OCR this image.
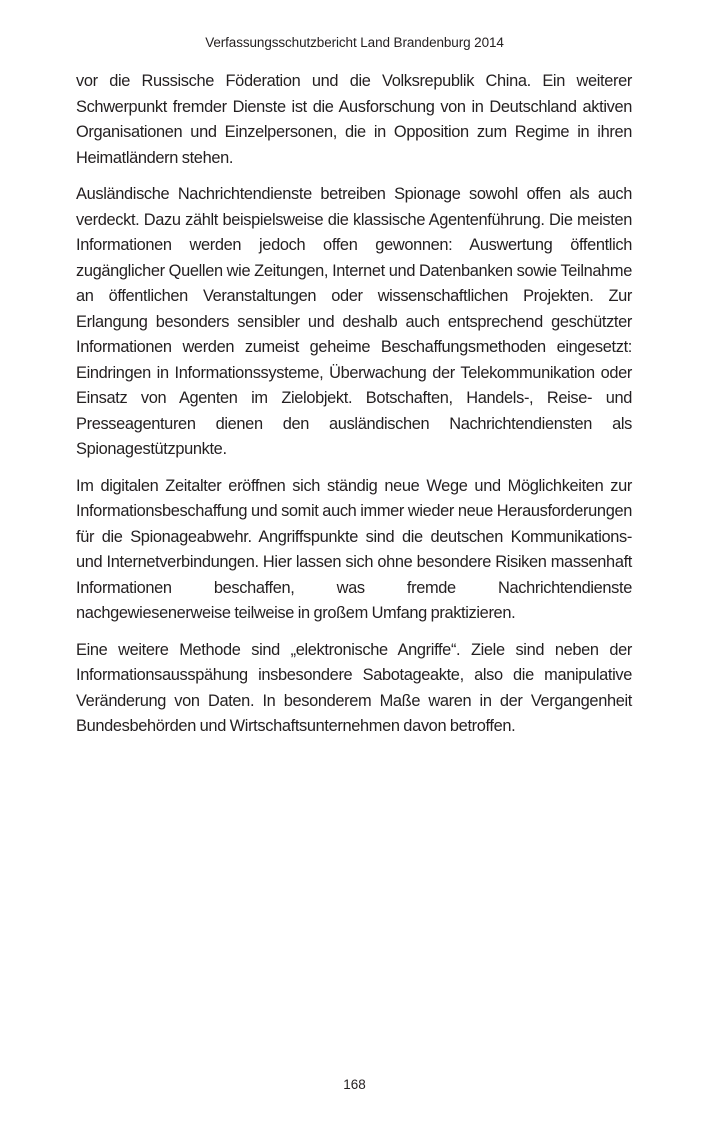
Verfassungsschutzbericht Land Brandenburg 2014

vor die Russische Föderation und die Volksrepublik China. Ein weiterer Schwerpunkt fremder Dienste ist die Ausforschung von in Deutschland aktiven Organisationen und Einzelpersonen, die in Opposition zum Regime in ihren Heimatländern stehen.

Ausländische Nachrichtendienste betreiben Spionage sowohl offen als auch verdeckt. Dazu zählt beispielsweise die klassische Agentenführung. Die meisten Informationen werden jedoch offen gewonnen: Auswertung öffentlich zugänglicher Quellen wie Zeitungen, Internet und Datenbanken sowie Teilnahme an öffentlichen Veranstaltungen oder wissenschaftlichen Projekten. Zur Erlangung besonders sensibler und deshalb auch entsprechend geschützter Informationen werden zumeist geheime Beschaffungsmethoden eingesetzt: Eindringen in Informationssysteme, Überwachung der Telekommunikation oder Einsatz von Agenten im Zielobjekt. Botschaften, Handels-, Reise- und Presseagenturen dienen den ausländischen Nachrichtendiensten als Spionagestützpunkte.

Im digitalen Zeitalter eröffnen sich ständig neue Wege und Möglichkeiten zur Informationsbeschaffung und somit auch immer wieder neue Herausforderungen für die Spionageabwehr. Angriffspunkte sind die deutschen Kommunikations- und Internetverbindungen. Hier lassen sich ohne besondere Risiken massenhaft Informationen beschaffen, was fremde Nachrichtendienste nachgewiesenerweise teilweise in großem Umfang praktizieren.

Eine weitere Methode sind „elektronische Angriffe“. Ziele sind neben der Informationsausspähung insbesondere Sabotageakte, also die manipulative Veränderung von Daten. In besonderem Maße waren in der Vergangenheit Bundesbehörden und Wirtschaftsunternehmen davon betroffen.

168
